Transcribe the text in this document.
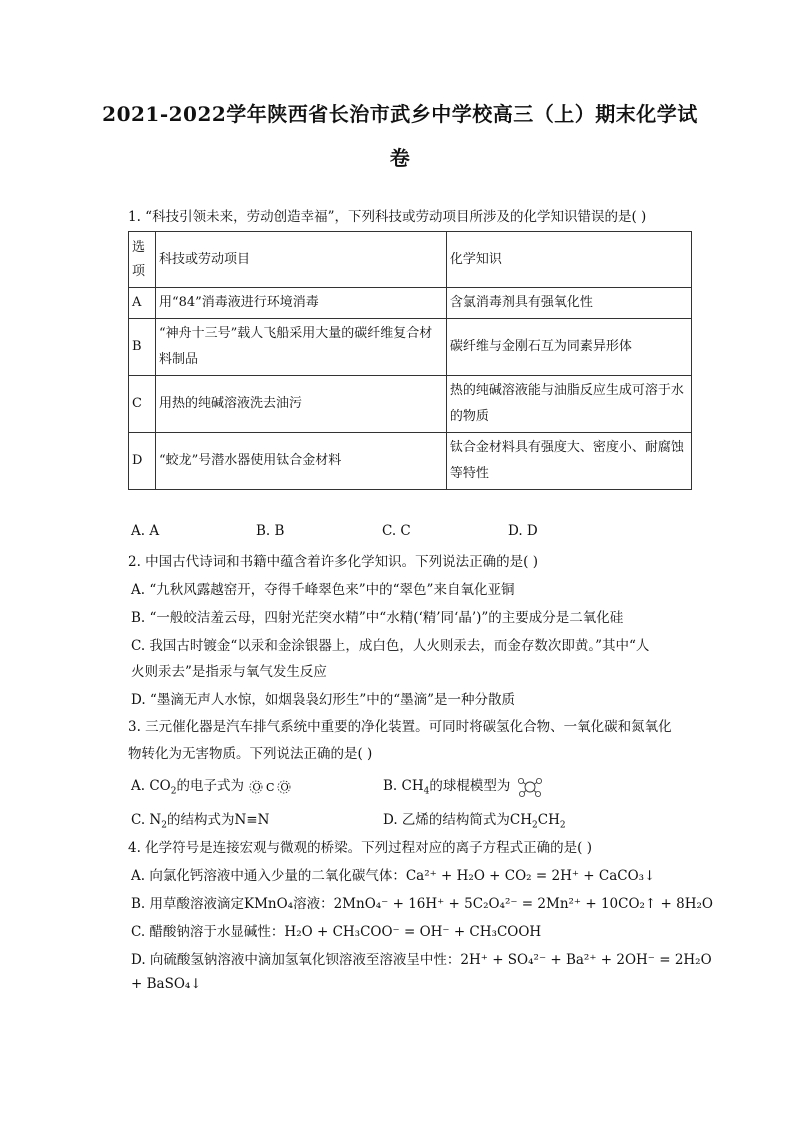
2021-2022学年陕西省长治市武乡中学校高三（上）期末化学试
卷
1. “科技引领未来，劳动创造幸福”，下列科技或劳动项目所涉及的化学知识错误的是( )
选项	科技或劳动项目	化学知识
A	用“84”消毒液进行环境消毒	含氯消毒剂具有强氧化性
B	“神舟十三号”载人飞船采用大量的碳纤维复合材料制品	碳纤维与金刚石互为同素异形体
C	用热的纯碱溶液洗去油污	热的纯碱溶液能与油脂反应生成可溶于水的物质
D	“蛟龙”号潜水器使用钛合金材料	钛合金材料具有强度大、密度小、耐腐蚀等特性
A. A	B. B	C. C	D. D
2. 中国古代诗词和书籍中蕴含着许多化学知识。下列说法正确的是( )
A. “九秋风露越窑开，夺得千峰翠色来”中的“翠色”来自氧化亚铜
B. “一般皎洁羞云母，四射光茫突水精”中“水精(‘精’同‘晶’)”的主要成分是二氧化硅
C. 我国古时镀金“以汞和金涂银器上，成白色，人火则汞去，而金存数次即黄。”其中“人
火则汞去”是指汞与氧气发生反应
D. “墨滴无声人水惊，如烟袅袅幻形生”中的“墨滴”是一种分散质
3. 三元催化器是汽车排气系统中重要的净化装置。可同时将碳氢化合物、一氧化碳和氮氧化
物转化为无害物质。下列说法正确的是( )
A. $CO_2$的电子式为 O C O	B. $CH_4$的球棍模型为
C. $N_2$的结构式为N≡N	D. 乙烯的结构简式为$CH_2CH_2$
4. 化学符号是连接宏观与微观的桥梁。下列过程对应的离子方程式正确的是( )
A. 向氯化钙溶液中通入少量的二氧化碳气体：Ca²⁺ + H₂O + CO₂ = 2H⁺ + CaCO₃↓
B. 用草酸溶液滴定KMnO₄溶液：2MnO₄⁻ + 16H⁺ + 5C₂O₄²⁻ = 2Mn²⁺ + 10CO₂↑ + 8H₂O
C. 醋酸钠溶于水显碱性：H₂O + CH₃COO⁻ = OH⁻ + CH₃COOH
D. 向硫酸氢钠溶液中滴加氢氧化钡溶液至溶液呈中性：2H⁺ + SO₄²⁻ + Ba²⁺ + 2OH⁻ = 2H₂O
+ BaSO₄↓
